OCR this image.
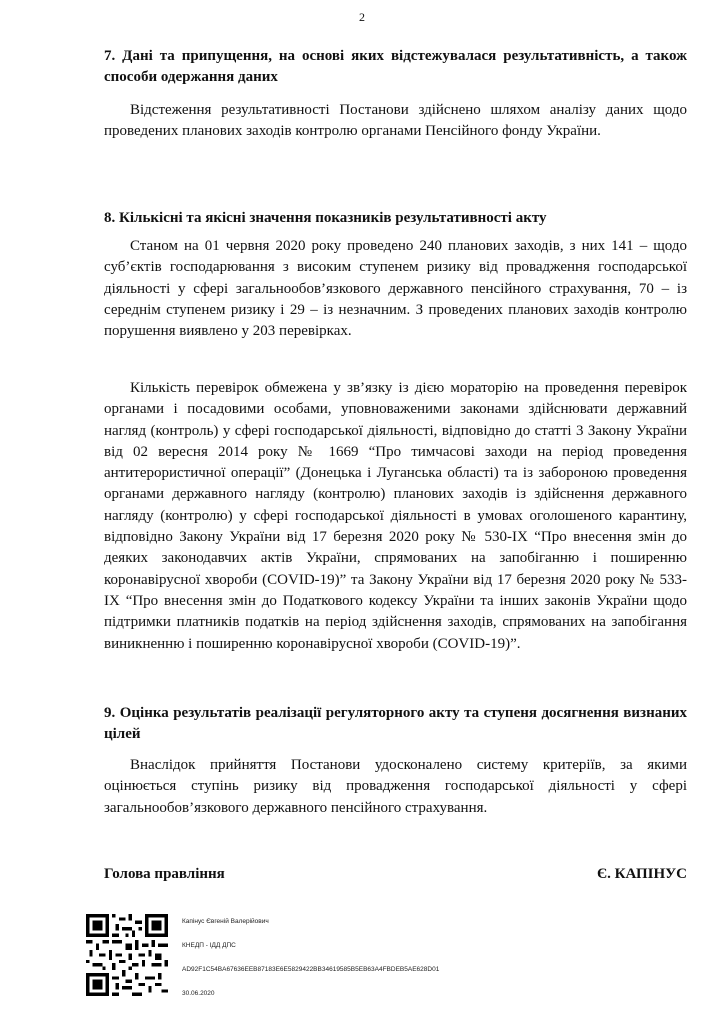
2
7. Дані та припущення, на основі яких відстежувалася результативність, а також способи одержання даних
Відстеження результативності Постанови здійснено шляхом аналізу даних щодо проведених планових заходів контролю органами Пенсійного фонду України.
8. Кількісні та якісні значення показників результативності акту
Станом на 01 червня 2020 року проведено 240 планових заходів, з них 141 – щодо суб’єктів господарювання з високим ступенем ризику від провадження господарської діяльності у сфері загальнообов’язкового державного пенсійного страхування, 70 – із середнім ступенем ризику і 29 – із незначним. З проведених планових заходів контролю порушення виявлено у 203 перевірках.
Кількість перевірок обмежена у зв’язку із дією мораторію на проведення перевірок органами і посадовими особами, уповноваженими законами здійснювати державний нагляд (контроль) у сфері господарської діяльності, відповідно до статті 3 Закону України від 02 вересня 2014 року № 1669 “Про тимчасові заходи на період проведення антитерористичної операції” (Донецька і Луганська області) та із забороною проведення органами державного нагляду (контролю) планових заходів із здійснення державного нагляду (контролю) у сфері господарської діяльності в умовах оголошеного карантину, відповідно Закону України від 17 березня 2020 року № 530-IX “Про внесення змін до деяких законодавчих актів України, спрямованих на запобіганню і поширенню коронавірусної хвороби (COVID-19)” та Закону України від 17 березня 2020 року № 533-IX “Про внесення змін до Податкового кодексу України та інших законів України щодо підтримки платників податків на період здійснення заходів, спрямованих на запобігання виникненню і поширенню коронавірусної хвороби (COVID-19)”.
9. Оцінка результатів реалізації регуляторного акту та ступеня досягнення визнаних цілей
Внаслідок прийняття Постанови удосконалено систему критеріїв, за якими оцінюється ступінь ризику від провадження господарської діяльності у сфері загальнообов’язкового державного пенсійного страхування.
Голова правління	Є. КАПІНУС
Капінус Євгеній Валерійович
КНЕДП - ІДД ДПС
AD92F1C54BA67636EEB87183E6E5829422BB34619585B5EB63A4FBDEB5AE628D01
30.06.2020
